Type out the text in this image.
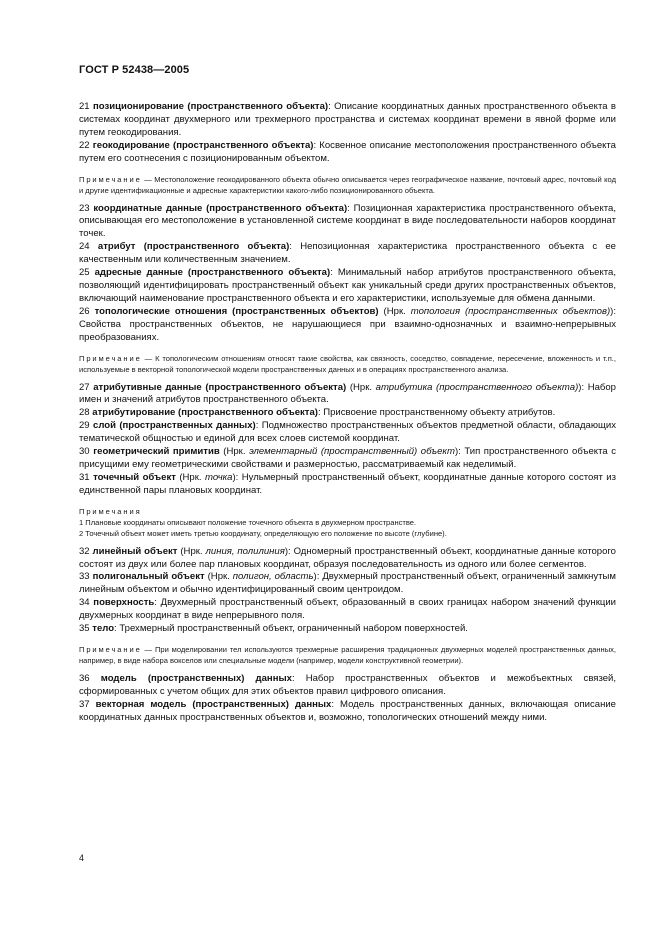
ГОСТ Р 52438—2005

21 позиционирование (пространственного объекта): Описание координатных данных пространственного объекта в системах координат двухмерного или трехмерного пространства и системах координат времени в явной форме или путем геокодирования.

22 геокодирование (пространственного объекта): Косвенное описание местоположения пространственного объекта путем его соотнесения с позиционированным объектом.

Примечание — Местоположение геокодированного объекта обычно описывается через географическое название, почтовый адрес, почтовый код и другие идентификационные и адресные характеристики какого-либо позиционированного объекта.

23 координатные данные (пространственного объекта): Позиционная характеристика пространственного объекта, описывающая его местоположение в установленной системе координат в виде последовательности наборов координат точек.

24 атрибут (пространственного объекта): Непозиционная характеристика пространственного объекта с ее качественным или количественным значением.

25 адресные данные (пространственного объекта): Минимальный набор атрибутов пространственного объекта, позволяющий идентифицировать пространственный объект как уникальный среди других пространственных объектов, включающий наименование пространственного объекта и его характеристики, используемые для обмена данными.

26 топологические отношения (пространственных объектов) (Нрк. топология (пространственных объектов)): Свойства пространственных объектов, не нарушающиеся при взаимно-однозначных и взаимно-непрерывных преобразованиях.

Примечание — К топологическим отношениям относят такие свойства, как связность, соседство, совпадение, пересечение, вложенность и т.п., используемые в векторной топологической модели пространственных данных и в операциях пространственного анализа.

27 атрибутивные данные (пространственного объекта) (Нрк. атрибутика (пространственного объекта)): Набор имен и значений атрибутов пространственного объекта.

28 атрибутирование (пространственного объекта): Присвоение пространственному объекту атрибутов.

29 слой (пространственных данных): Подмножество пространственных объектов предметной области, обладающих тематической общностью и единой для всех слоев системой координат.

30 геометрический примитив (Нрк. элементарный (пространственный) объект): Тип пространственного объекта с присущими ему геометрическими свойствами и размерностью, рассматриваемый как неделимый.

31 точечный объект (Нрк. точка): Нульмерный пространственный объект, координатные данные которого состоят из единственной пары плановых координат.

Примечания
1 Плановые координаты описывают положение точечного объекта в двухмерном пространстве.
2 Точечный объект может иметь третью координату, определяющую его положение по высоте (глубине).

32 линейный объект (Нрк. линия, полилиния): Одномерный пространственный объект, координатные данные которого состоят из двух или более пар плановых координат, образуя последовательность из одного или более сегментов.

33 полигональный объект (Нрк. полигон, область): Двухмерный пространственный объект, ограниченный замкнутым линейным объектом и обычно идентифицированный своим центроидом.

34 поверхность: Двухмерный пространственный объект, образованный в своих границах набором значений функции двухмерных координат в виде непрерывного поля.

35 тело: Трехмерный пространственный объект, ограниченный набором поверхностей.

Примечание — При моделировании тел используются трехмерные расширения традиционных двухмерных моделей пространственных данных, например, в виде набора вокселов или специальные модели (например, модели конструктивной геометрии).

36 модель (пространственных) данных: Набор пространственных объектов и межобъектных связей, сформированных с учетом общих для этих объектов правил цифрового описания.

37 векторная модель (пространственных) данных: Модель пространственных данных, включающая описание координатных данных пространственных объектов и, возможно, топологических отношений между ними.

4
